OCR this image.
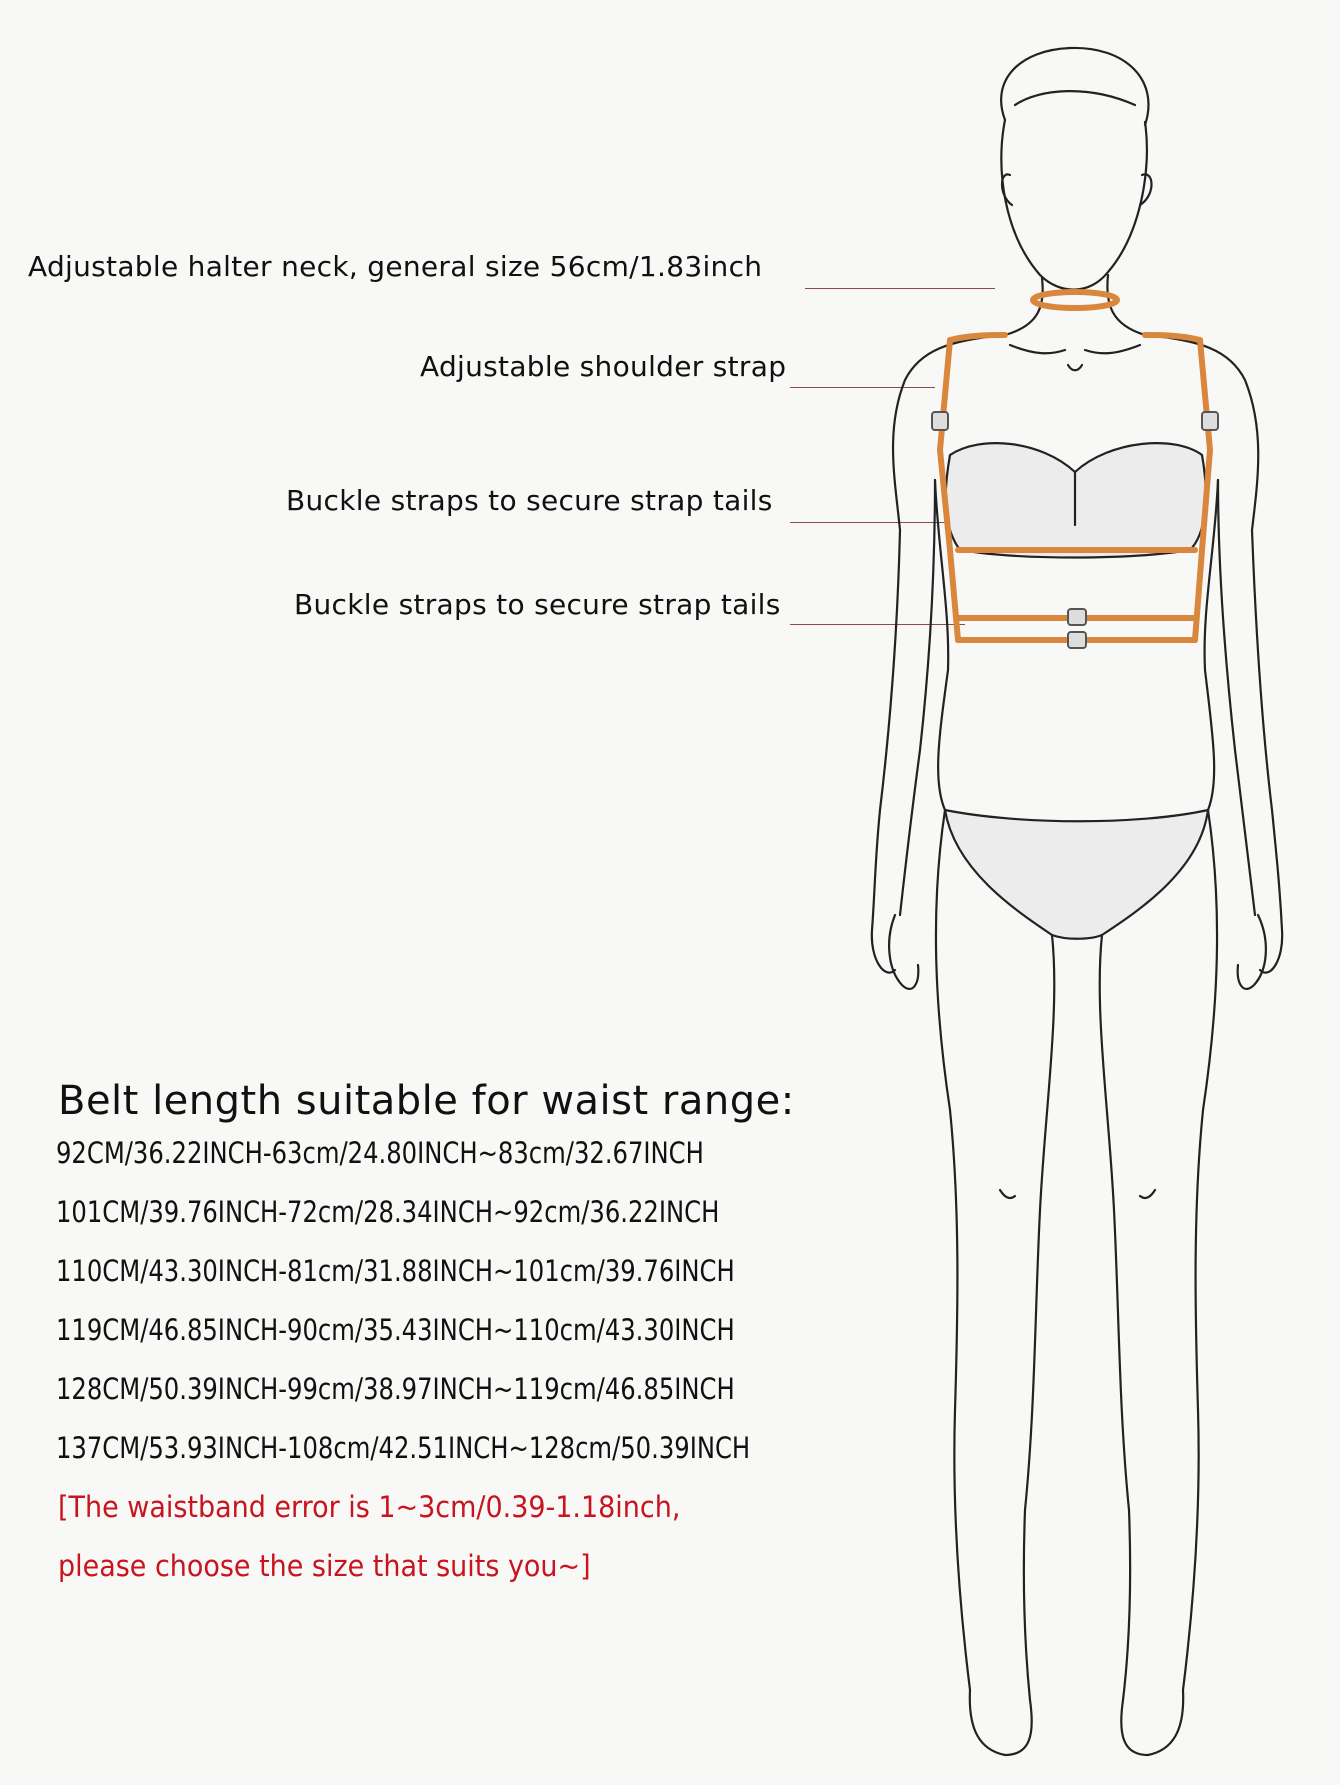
Adjustable halter neck, general size 56cm/1.83inch
Adjustable shoulder strap
Buckle straps to secure strap tails
Buckle straps to secure strap tails
Belt length suitable for waist range:
92CM/36.22INCH-63cm/24.80INCH~83cm/32.67INCH
101CM/39.76INCH-72cm/28.34INCH~92cm/36.22INCH
110CM/43.30INCH-81cm/31.88INCH~101cm/39.76INCH
119CM/46.85INCH-90cm/35.43INCH~110cm/43.30INCH
128CM/50.39INCH-99cm/38.97INCH~119cm/46.85INCH
137CM/53.93INCH-108cm/42.51INCH~128cm/50.39INCH
[The waistband error is 1~3cm/0.39-1.18inch,
please choose the size that suits you~]
